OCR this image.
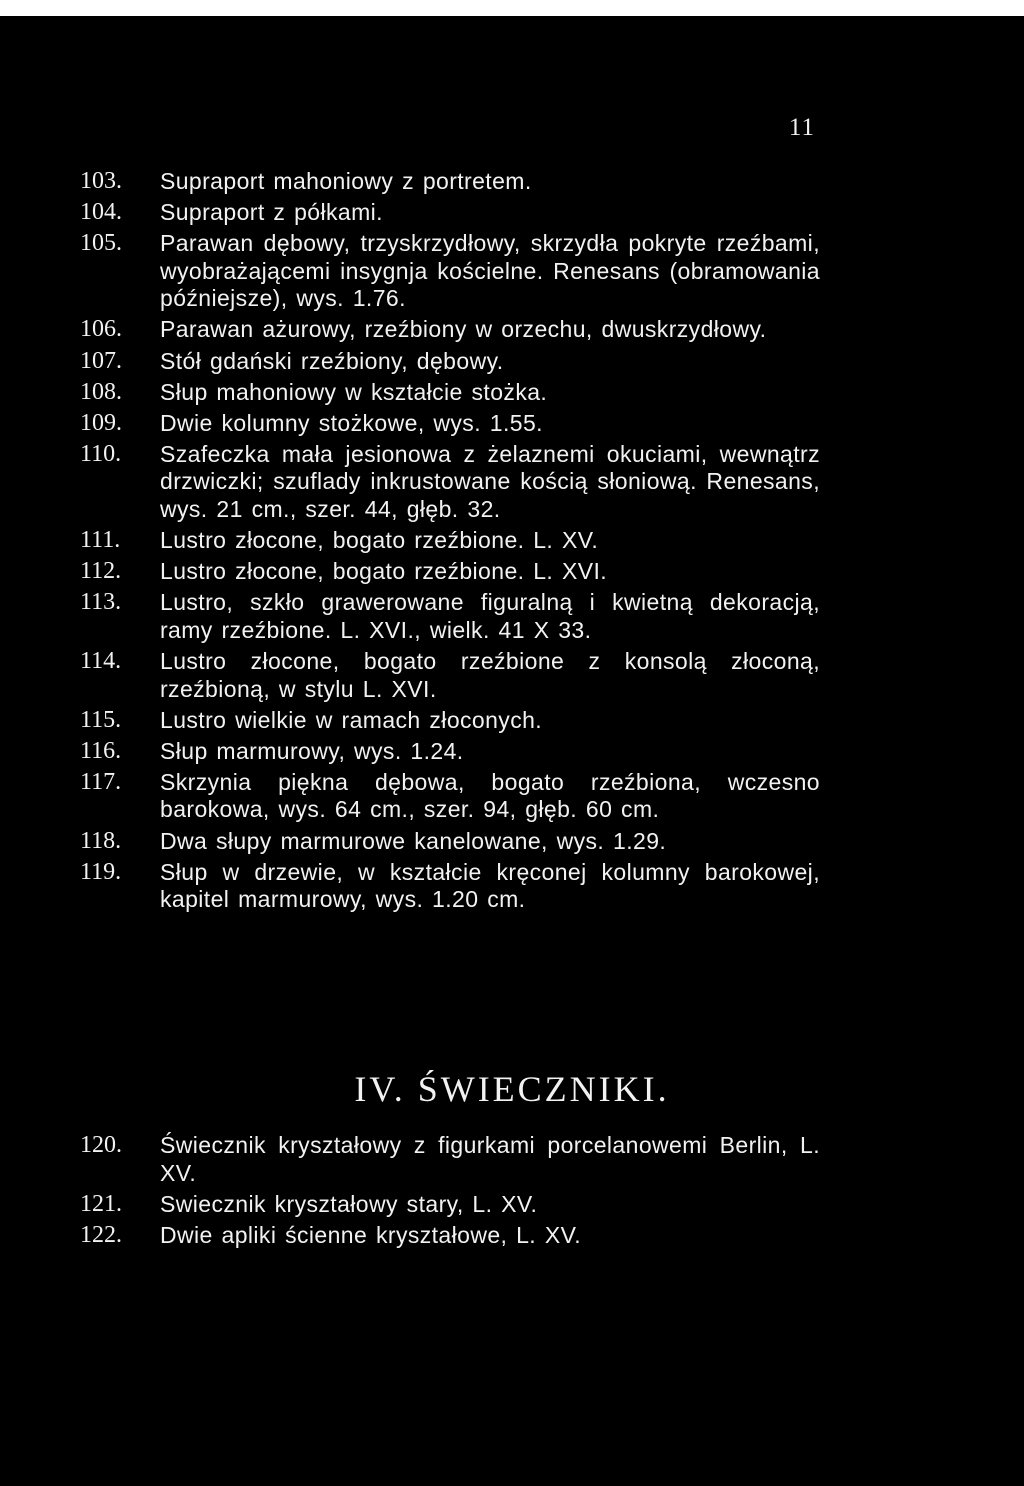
11
103.	Supraport mahoniowy z portretem.
104.	Supraport z półkami.
105.	Parawan dębowy, trzyskrzydłowy, skrzydła pokryte rzeźbami, wyobrażającemi insygnja kościelne. Renesans (obramowania późniejsze), wys. 1.76.
106.	Parawan ażurowy, rzeźbiony w orzechu, dwuskrzydłowy.
107.	Stół gdański rzeźbiony, dębowy.
108.	Słup mahoniowy w kształcie stożka.
109.	Dwie kolumny stożkowe, wys. 1.55.
110.	Szafeczka mała jesionowa z żelaznemi okuciami, wewnątrz drzwiczki; szuflady inkrustowane kością słoniową. Renesans, wys. 21 cm., szer. 44, głęb. 32.
111.	Lustro złocone, bogato rzeźbione. L. XV.
112.	Lustro złocone, bogato rzeźbione. L. XVI.
113.	Lustro, szkło grawerowane figuralną i kwietną dekoracją, ramy rzeźbione. L. XVI., wielk. 41 X 33.
114.	Lustro złocone, bogato rzeźbione z konsolą złoconą, rzeźbioną, w stylu L. XVI.
115.	Lustro wielkie w ramach złoconych.
116.	Słup marmurowy, wys. 1.24.
117.	Skrzynia piękna dębowa, bogato rzeźbiona, wczesno barokowa, wys. 64 cm., szer. 94, głęb. 60 cm.
118.	Dwa słupy marmurowe kanelowane, wys. 1.29.
119.	Słup w drzewie, w kształcie kręconej kolumny barokowej, kapitel marmurowy, wys. 1.20 cm.
IV. ŚWIECZNIKI.
120.	Świecznik kryształowy z figurkami porcelanowemi Berlin, L. XV.
121.	Swiecznik kryształowy stary, L. XV.
122.	Dwie apliki ścienne kryształowe, L. XV.
